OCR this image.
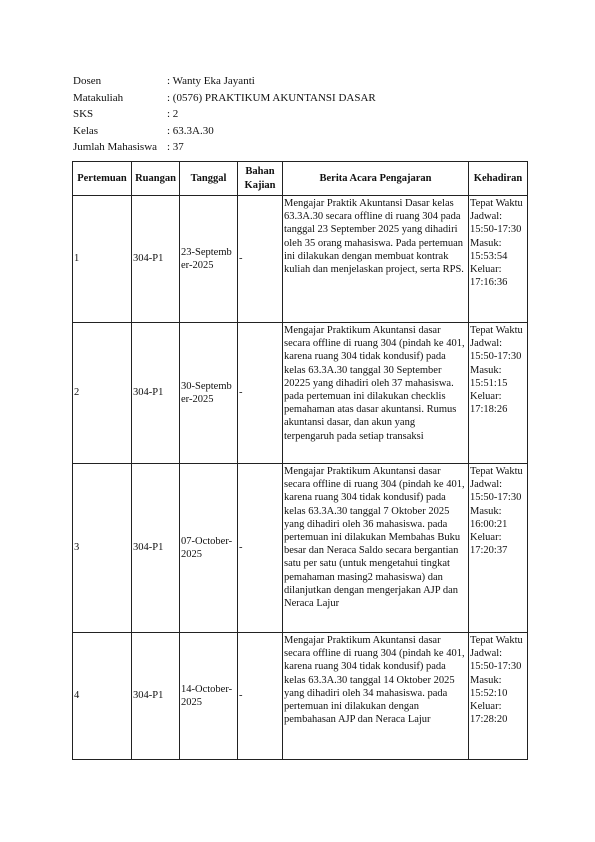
Dosen	: Wanty Eka Jayanti
Matakuliah	: (0576) PRAKTIKUM AKUNTANSI DASAR
SKS	: 2
Kelas	: 63.3A.30
Jumlah Mahasiswa : 37
Pertemuan	Ruangan	Tanggal	Bahan Kajian	Berita Acara Pengajaran	Kehadiran
1	304-P1	23-September-2025	-	Mengajar Praktik Akuntansi Dasar kelas 63.3A.30 secara offline di ruang 304 pada tanggal 23 September 2025 yang dihadiri oleh 35 orang mahasiswa. Pada pertemuan ini dilakukan dengan membuat kontrak kuliah dan menjelaskan project, serta RPS.	Tepat Waktu Jadwal: 15:50-17:30 Masuk: 15:53:54 Keluar: 17:16:36
2	304-P1	30-September-2025	-	Mengajar Praktikum Akuntansi dasar secara offline di ruang 304 (pindah ke 401, karena ruang 304 tidak kondusif) pada kelas 63.3A.30 tanggal 30 September 20225 yang dihadiri oleh 37 mahasiswa. pada pertemuan ini dilakukan checklis pemahaman atas dasar akuntansi. Rumus akuntansi dasar, dan akun yang terpengaruh pada setiap transaksi	Tepat Waktu Jadwal: 15:50-17:30 Masuk: 15:51:15 Keluar: 17:18:26
3	304-P1	07-October-2025	-	Mengajar Praktikum Akuntansi dasar secara offline di ruang 304 (pindah ke 401, karena ruang 304 tidak kondusif) pada kelas 63.3A.30 tanggal 7 Oktober 2025 yang dihadiri oleh 36 mahasiswa. pada pertemuan ini dilakukan Membahas Buku besar dan Neraca Saldo secara bergantian satu per satu (untuk mengetahui tingkat pemahaman masing2 mahasiswa) dan dilanjutkan dengan mengerjakan AJP dan Neraca Lajur	Tepat Waktu Jadwal: 15:50-17:30 Masuk: 16:00:21 Keluar: 17:20:37
4	304-P1	14-October-2025	-	Mengajar Praktikum Akuntansi dasar secara offline di ruang 304 (pindah ke 401, karena ruang 304 tidak kondusif) pada kelas 63.3A.30 tanggal 14 Oktober 2025 yang dihadiri oleh 34 mahasiswa. pada pertemuan ini dilakukan dengan pembahasan AJP dan Neraca Lajur	Tepat Waktu Jadwal: 15:50-17:30 Masuk: 15:52:10 Keluar: 17:28:20
